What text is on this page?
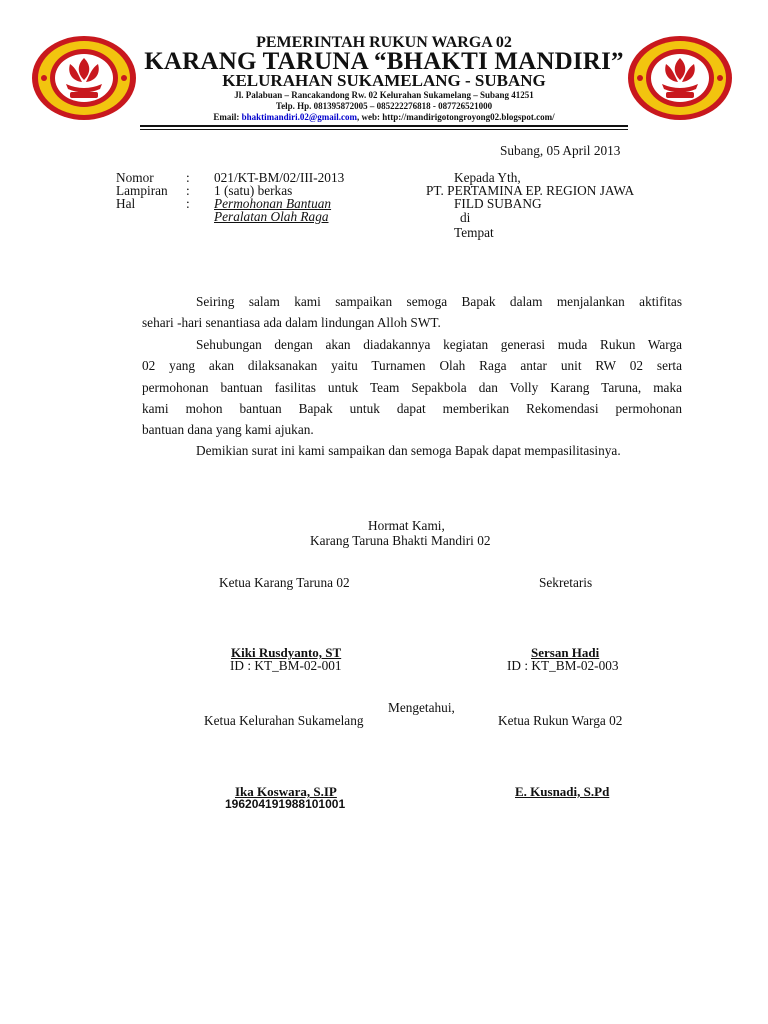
PEMERINTAH RUKUN WARGA 02
KARANG TARUNA “BHAKTI MANDIRI”
KELURAHAN SUKAMELANG - SUBANG
Jl. Palabuan – Rancakandong Rw. 02 Kelurahan Sukamelang – Subang 41251
Telp. Hp. 081395872005 – 085222276818 - 087726521000
Email: bhaktimandiri.02@gmail.com, web: http://mandirigotongroyong02.blogspot.com/
Subang, 05 April 2013
Nomor : 021/KT-BM/02/III-2013
Lampiran : 1 (satu) berkas
Hal	: Permohonan Bantuan
Peralatan Olah Raga
Kepada Yth,
PT. PERTAMINA EP. REGION JAWA
FILD SUBANG
di
Tempat
Seiring salam kami sampaikan semoga Bapak dalam menjalankan aktifitas
sehari -hari senantiasa ada dalam lindungan Alloh SWT.
Sehubungan dengan akan diadakannya kegiatan generasi muda Rukun Warga
02 yang akan dilaksanakan yaitu Turnamen Olah Raga antar unit RW 02 serta
permohonan bantuan fasilitas untuk Team Sepakbola dan Volly Karang Taruna, maka
kami mohon bantuan Bapak untuk dapat memberikan Rekomendasi permohonan
bantuan dana yang kami ajukan.
Demikian surat ini kami sampaikan dan semoga Bapak dapat mempasilitasinya.
Hormat Kami,
Karang Taruna Bhakti Mandiri 02
Ketua Karang Taruna 02	Sekretaris
Kiki Rusdyanto, ST
ID : KT_BM-02-001
Sersan Hadi
ID : KT_BM-02-003
Mengetahui,
Ketua Kelurahan Sukamelang	Ketua Rukun Warga 02
Ika Koswara, S.IP
196204191988101001
E. Kusnadi, S.Pd
